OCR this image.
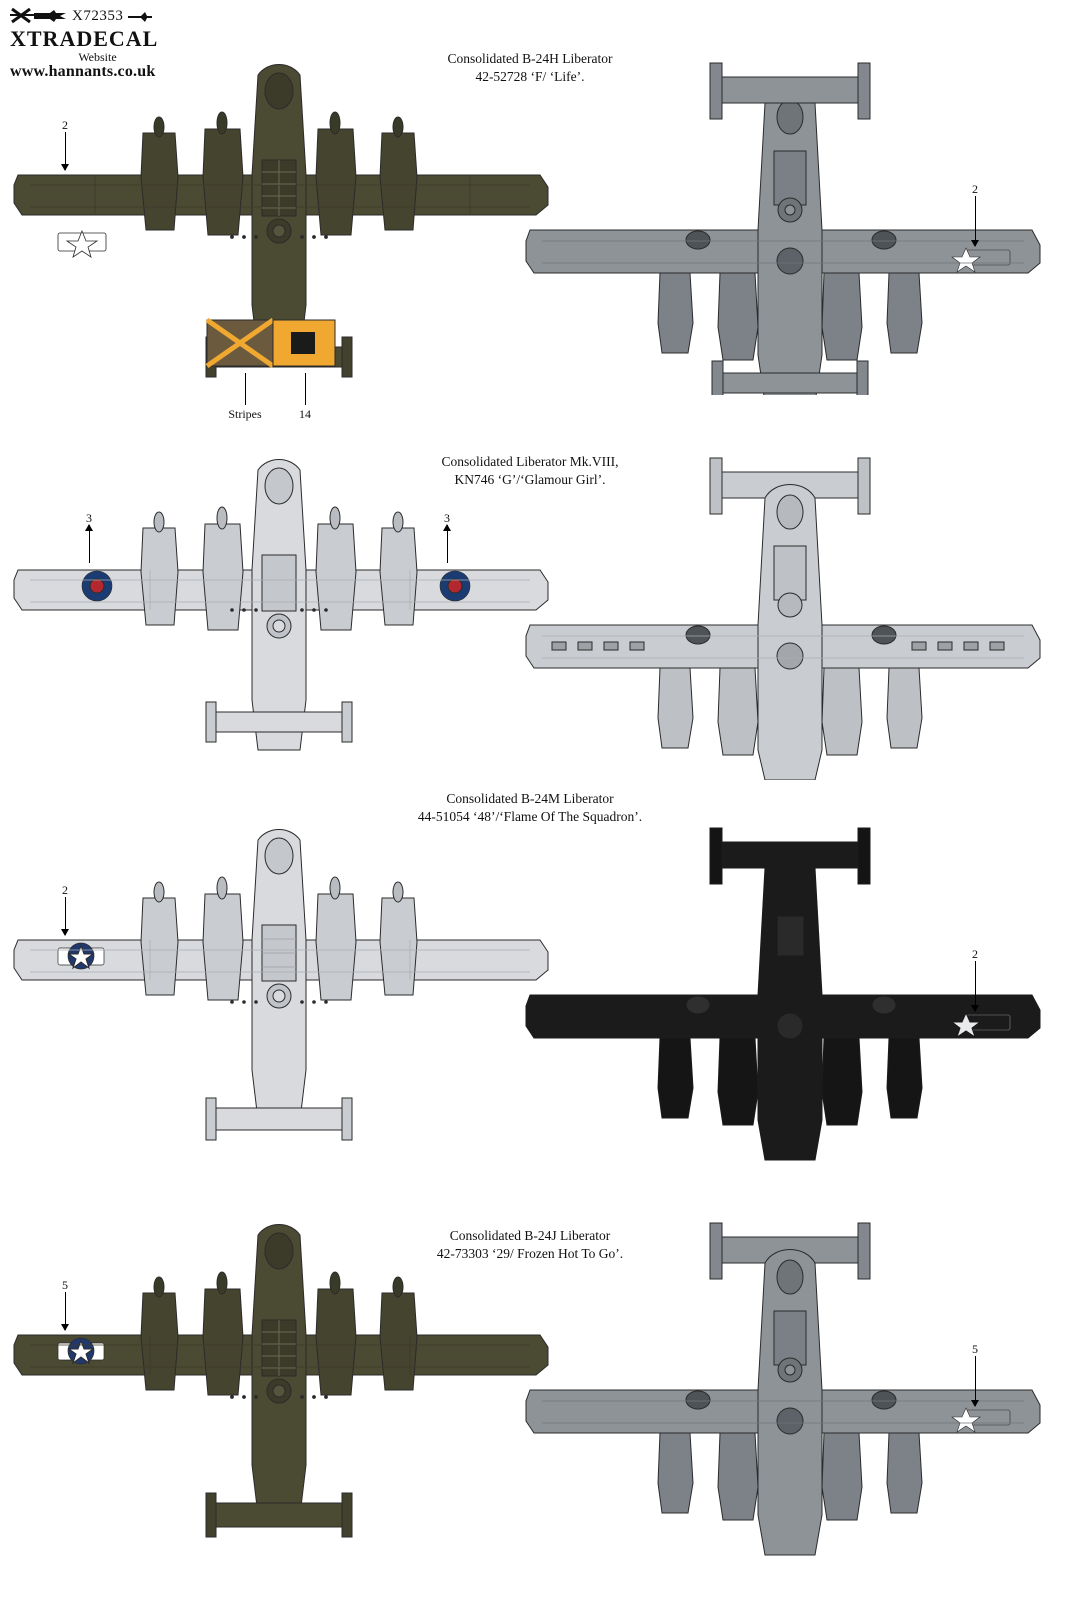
X72353
XTRADECAL
Website
www.hannants.co.uk
Consolidated B-24H Liberator
42-52728 ‘F/ ‘Life’.
Consolidated Liberator Mk.VIII,
KN746 ‘G’/‘Glamour Girl’.
Consolidated B-24M Liberator
44-51054 ‘48’/‘Flame Of The Squadron’.
Consolidated B-24J Liberator
42-73303 ‘29/ Frozen Hot To Go’.
2
Stripes	14
2
3	3
2
2
5
5
